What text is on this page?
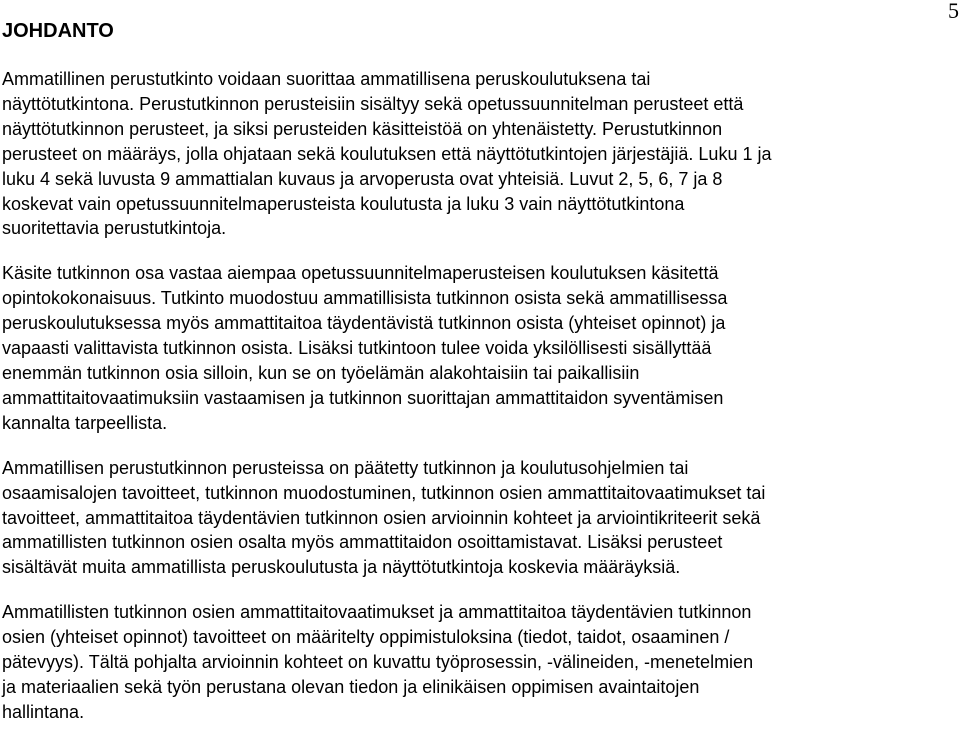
5
JOHDANTO

Ammatillinen perustutkinto voidaan suorittaa ammatillisena peruskoulutuksena tai
näyttötutkintona. Perustutkinnon perusteisiin sisältyy sekä opetussuunnitelman perusteet että
näyttötutkinnon perusteet, ja siksi perusteiden käsitteistöä on yhtenäistetty. Perustutkinnon
perusteet on määräys, jolla ohjataan sekä koulutuksen että näyttötutkintojen järjestäjiä. Luku 1 ja
luku 4 sekä luvusta 9 ammattialan kuvaus ja arvoperusta ovat yhteisiä. Luvut 2, 5, 6, 7 ja 8
koskevat vain opetussuunnitelmaperusteista koulutusta ja luku 3 vain näyttötutkintona
suoritettavia perustutkintoja.

Käsite tutkinnon osa vastaa aiempaa opetussuunnitelmaperusteisen koulutuksen käsitettä
opintokokonaisuus. Tutkinto muodostuu ammatillisista tutkinnon osista sekä ammatillisessa
peruskoulutuksessa myös ammattitaitoa täydentävistä tutkinnon osista (yhteiset opinnot) ja
vapaasti valittavista tutkinnon osista. Lisäksi tutkintoon tulee voida yksilöllisesti sisällyttää
enemmän tutkinnon osia silloin, kun se on työelämän alakohtaisiin tai paikallisiin
ammattitaitovaatimuksiin vastaamisen ja tutkinnon suorittajan ammattitaidon syventämisen
kannalta tarpeellista.

Ammatillisen perustutkinnon perusteissa on päätetty tutkinnon ja koulutusohjelmien tai
osaamisalojen tavoitteet, tutkinnon muodostuminen, tutkinnon osien ammattitaitovaatimukset tai
tavoitteet, ammattitaitoa täydentävien tutkinnon osien arvioinnin kohteet ja arviointikriteerit sekä
ammatillisten tutkinnon osien osalta myös ammattitaidon osoittamistavat. Lisäksi perusteet
sisältävät muita ammatillista peruskoulutusta ja näyttötutkintoja koskevia määräyksiä.

Ammatillisten tutkinnon osien ammattitaitovaatimukset ja ammattitaitoa täydentävien tutkinnon
osien (yhteiset opinnot) tavoitteet on määritelty oppimistuloksina (tiedot, taidot, osaaminen /
pätevyys). Tältä pohjalta arvioinnin kohteet on kuvattu työprosessin, -välineiden, -menetelmien
ja materiaalien sekä työn perustana olevan tiedon ja elinikäisen oppimisen avaintaitojen
hallintana.
